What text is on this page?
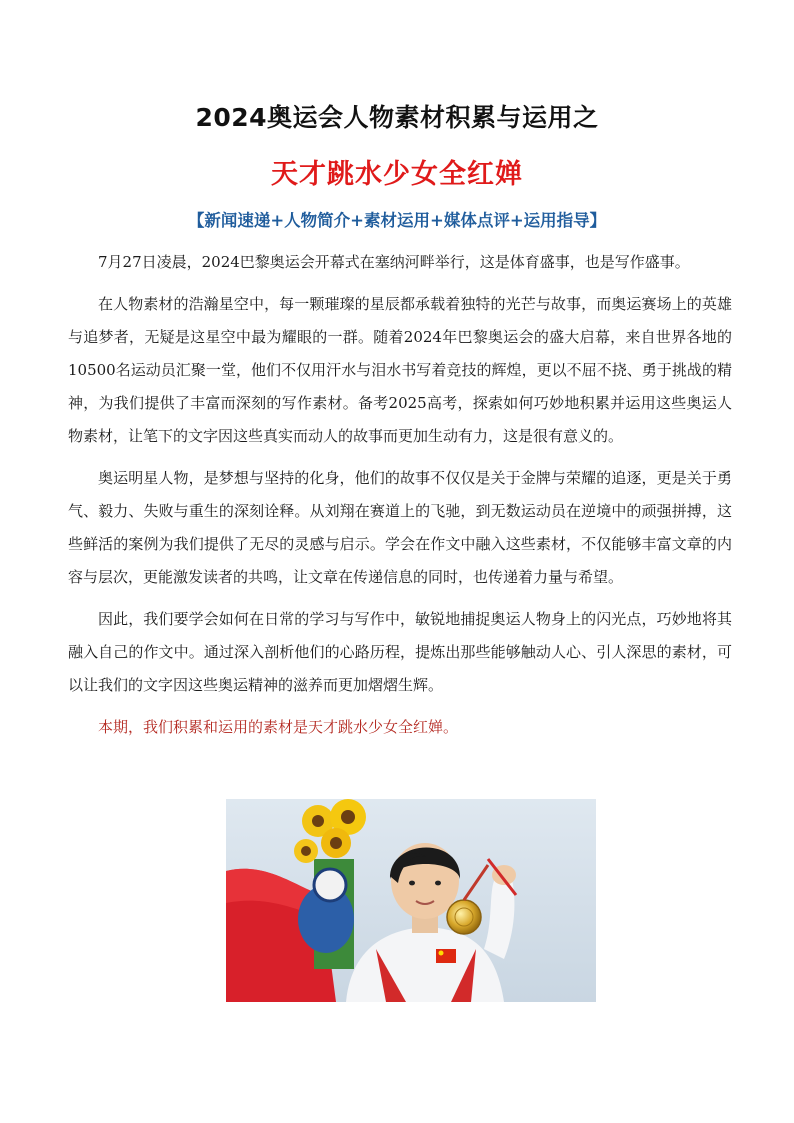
2024奥运会人物素材积累与运用之
天才跳水少女全红婵
【新闻速递+人物简介+素材运用+媒体点评+运用指导】

7月27日凌晨，2024巴黎奥运会开幕式在塞纳河畔举行，这是体育盛事，也是写作盛事。

在人物素材的浩瀚星空中，每一颗璀璨的星辰都承载着独特的光芒与故事，而奥运赛场上的英雄与追梦者，无疑是这星空中最为耀眼的一群。随着2024年巴黎奥运会的盛大启幕，来自世界各地的10500名运动员汇聚一堂，他们不仅用汗水与泪水书写着竞技的辉煌，更以不屈不挠、勇于挑战的精神，为我们提供了丰富而深刻的写作素材。备考2025高考，探索如何巧妙地积累并运用这些奥运人物素材，让笔下的文字因这些真实而动人的故事而更加生动有力，这是很有意义的。

奥运明星人物，是梦想与坚持的化身，他们的故事不仅仅是关于金牌与荣耀的追逐，更是关于勇气、毅力、失败与重生的深刻诠释。从刘翔在赛道上的飞驰，到无数运动员在逆境中的顽强拼搏，这些鲜活的案例为我们提供了无尽的灵感与启示。学会在作文中融入这些素材，不仅能够丰富文章的内容与层次，更能激发读者的共鸣，让文章在传递信息的同时，也传递着力量与希望。

因此，我们要学会如何在日常的学习与写作中，敏锐地捕捉奥运人物身上的闪光点，巧妙地将其融入自己的作文中。通过深入剖析他们的心路历程，提炼出那些能够触动人心、引人深思的素材，可以让我们的文字因这些奥运精神的滋养而更加熠熠生辉。

本期，我们积累和运用的素材是天才跳水少女全红婵。
